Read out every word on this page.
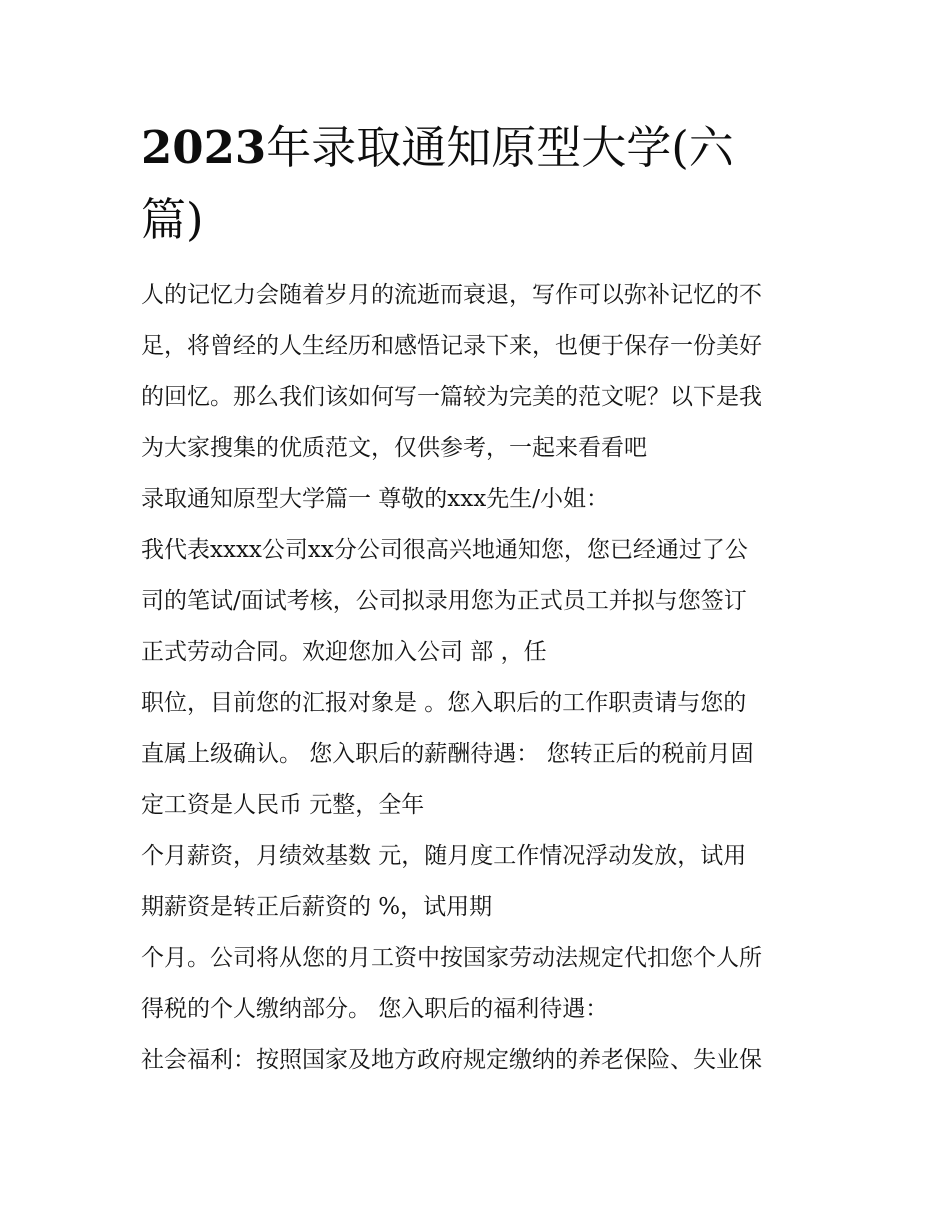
2023年录取通知原型大学(六
篇)
人的记忆力会随着岁月的流逝而衰退，写作可以弥补记忆的不
足，将曾经的人生经历和感悟记录下来，也便于保存一份美好
的回忆。那么我们该如何写一篇较为完美的范文呢？以下是我
为大家搜集的优质范文，仅供参考，一起来看看吧
录取通知原型大学篇一 尊敬的xxx先生/小姐：
我代表xxxx公司xx分公司很高兴地通知您，您已经通过了公
司的笔试/面试考核，公司拟录用您为正式员工并拟与您签订
正式劳动合同。欢迎您加入公司 部 ，任
职位，目前您的汇报对象是 。您入职后的工作职责请与您的
直属上级确认。 您入职后的薪酬待遇： 您转正后的税前月固
定工资是人民币 元整，全年
个月薪资，月绩效基数 元，随月度工作情况浮动发放，试用
期薪资是转正后薪资的 %，试用期
个月。公司将从您的月工资中按国家劳动法规定代扣您个人所
得税的个人缴纳部分。 您入职后的福利待遇：
社会福利：按照国家及地方政府规定缴纳的养老保险、失业保
